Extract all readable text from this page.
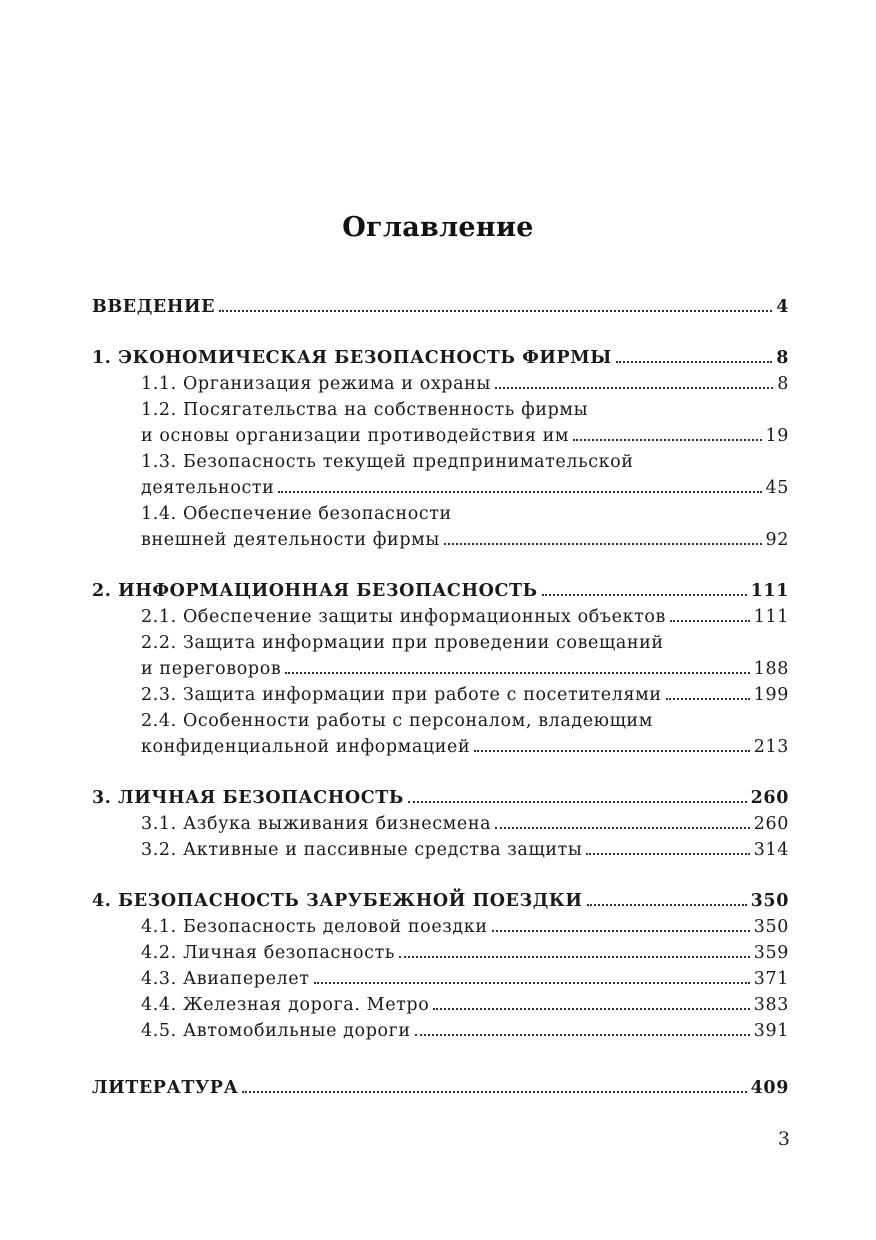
Оглавление
ВВЕДЕНИЕ	4
1. ЭКОНОМИЧЕСКАЯ БЕЗОПАСНОСТЬ ФИРМЫ	8
1.1. Организация режима и охраны	8
1.2. Посягательства на собственность фирмы
и основы организации противодействия им	19
1.3. Безопасность текущей предпринимательской
деятельности	45
1.4. Обеспечение безопасности
внешней деятельности фирмы	92
2. ИНФОРМАЦИОННАЯ БЕЗОПАСНОСТЬ	111
2.1. Обеспечение защиты информационных объектов	111
2.2. Защита информации при проведении совещаний
и переговоров	188
2.3. Защита информации при работе с посетителями	199
2.4. Особенности работы с персоналом, владеющим
конфиденциальной информацией	213
3. ЛИЧНАЯ БЕЗОПАСНОСТЬ	260
3.1. Азбука выживания бизнесмена	260
3.2. Активные и пассивные средства защиты	314
4. БЕЗОПАСНОСТЬ ЗАРУБЕЖНОЙ ПОЕЗДКИ	350
4.1. Безопасность деловой поездки	350
4.2. Личная безопасность	359
4.3. Авиаперелет	371
4.4. Железная дорога. Метро	383
4.5. Автомобильные дороги	391
ЛИТЕРАТУРА	409
3
